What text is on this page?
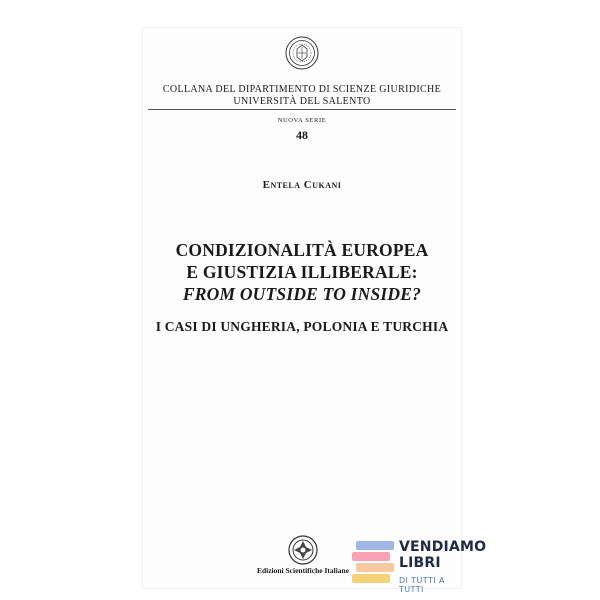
COLLANA DEL DIPARTIMENTO DI SCIENZE GIURIDICHE
UNIVERSITÀ DEL SALENTO
NUOVA SERIE
48
Entela Cukani
CONDIZIONALITÀ EUROPEA
E GIUSTIZIA ILLIBERALE:
FROM OUTSIDE TO INSIDE?
I CASI DI UNGHERIA, POLONIA E TURCHIA
Edizioni Scientifiche Italiane
VENDIAMO
LIBRI
DI TUTTI A TUTTI
